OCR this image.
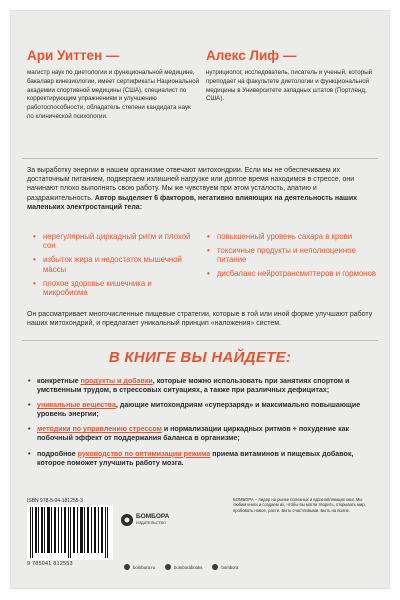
Ари Уиттен —
магистр наук по диетологии и функциональной медицине, бакалавр кинезиологии, имеет сертификаты Национальной академии спортивной медицины (США), специалист по корректирующим упражнениям и улучшению работоспособности, обладатель степени кандидата наук по клинической психологии.
Алекс Лиф —
нутрициолог, исследователь, писатель и ученый, который преподает на факультете диетологии и функциональной медицины в Университете западных штатов (Портленд, США).
За выработку энергии в нашем организме отвечают митохондрии. Если мы не обеспечиваем их достаточным питанием, подвергаем излишней нагрузке или долгое время находимся в стрессе, они начинают плохо выполнять свою работу. Мы же чувствуем при этом усталость, апатию и раздражительность. Автор выделяет 6 факторов, негативно влияющих на деятельность наших маленьких электростанций тела:
• нерегулярный циркадный ритм и плохой сон
• избыток жира и недостаток мышечной массы
• плохое здоровье кишечника и микробиома
• повышенный уровень сахара в крови
• токсичные продукты и неполноценное питание
• дисбаланс нейротрансмиттеров и гормонов
Он рассматривает многочисленные пищевые стратегии, которые в той или иной форме улучшают работу наших митохондрий, и предлагает уникальный принцип «наложения» систем.
В КНИГЕ ВЫ НАЙДЕТЕ:
• конкретные продукты и добавки, которые можно использовать при занятиях спортом и умственным трудом, в стрессовых ситуациях, а также при различных дефицитах;
• уникальные вещества, дающие митохондриям «суперзаряд» и максимально повышающие уровень энергии;
• методики по управлению стрессом и нормализации циркадных ритмов + похудение как побочный эффект от поддержания баланса в организме;
• подробное руководство по оптимизации режима приема витаминов и пищевых добавок, которое поможет улучшить работу мозга.
ISBN 978-5-04-181255-3
9 785041 812553
БОМБОРА
ИЗДАТЕЛЬСТВО
БОМБОРА – лидер на рынке полезных и вдохновляющих книг. Мы любим книги и создаем их, чтобы вы могли творить, открывать мир, пробовать новое, расти. Быть счастливыми. Быть на волне.
bombora.ru	bomborabooks	bombora
